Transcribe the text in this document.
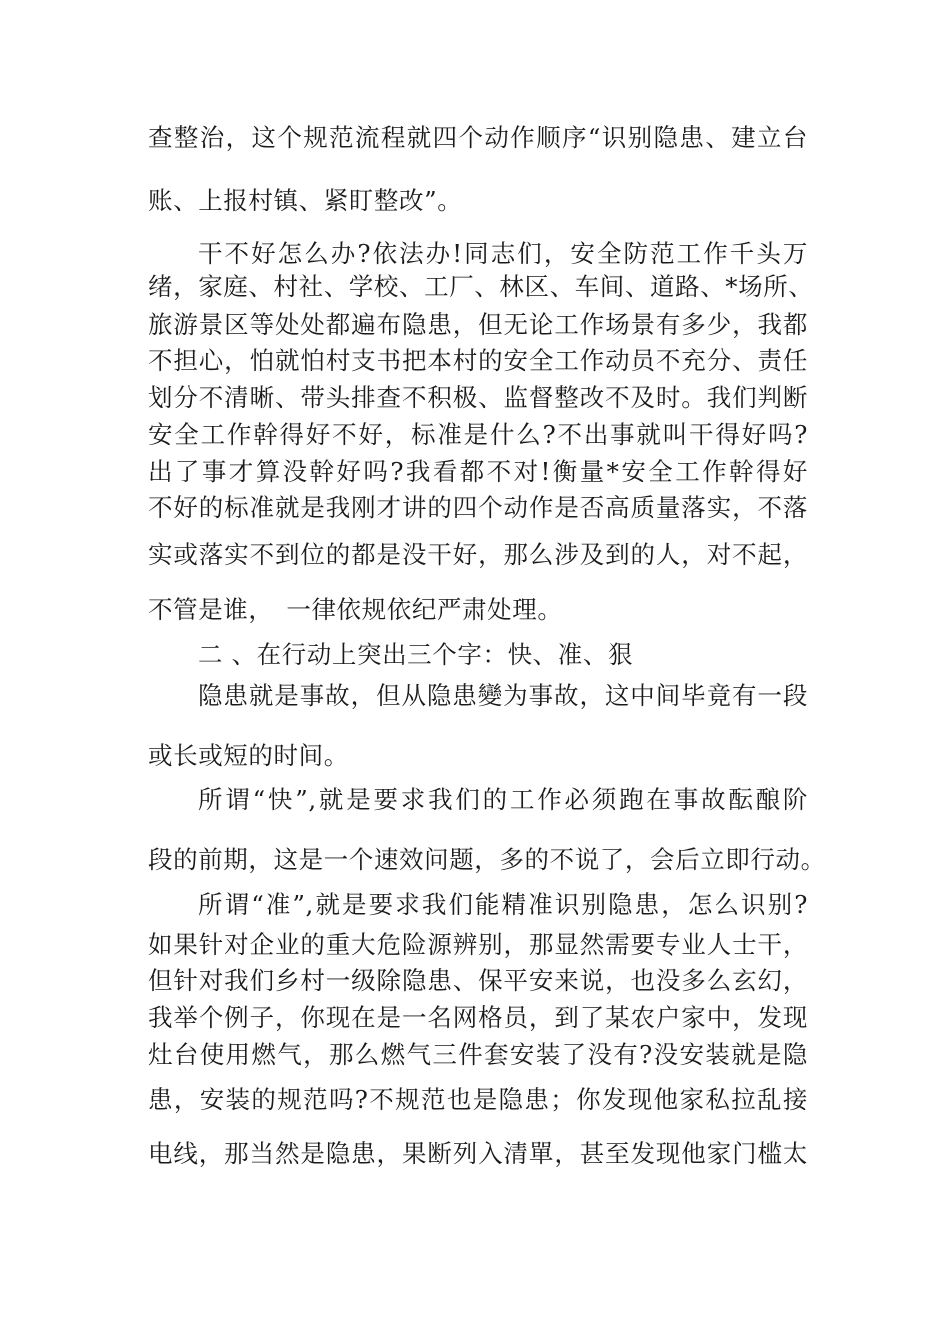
查整治，这个规范流程就四个动作顺序“识别隐患、建立台
账、上报村镇、紧盯整改”。
干不好怎么办?依法办!同志们，安全防范工作千头万
绪，家庭、村社、学校、工厂、林区、车间、道路、*场所、
旅游景区等处处都遍布隐患，但无论工作场景有多少，我都
不担心，怕就怕村支书把本村的安全工作动员不充分、责任
划分不清晰、带头排查不积极、监督整改不及时。我们判断
安全工作幹得好不好，标准是什么?不出事就叫干得好吗?
出了事才算没幹好吗?我看都不对!衡量*安全工作幹得好
不好的标准就是我刚才讲的四个动作是否高质量落实，不落
实或落实不到位的都是没干好，那么涉及到的人，对不起，
不管是谁，　一律依规依纪严肃处理。
二 、在行动上突出三个字：快、准、狠
隐患就是事故，但从隐患變为事故，这中间毕竟有一段
或长或短的时间。
所谓“快”,就是要求我们的工作必须跑在事故酝酿阶
段的前期，这是一个速效问题，多的不说了，会后立即行动。
所谓“准”,就是要求我们能精准识别隐患，怎么识别?
如果针对企业的重大危险源辨别，那显然需要专业人士干，
但针对我们乡村一级除隐患、保平安来说，也没多么玄幻，
我举个例子，你现在是一名网格员，到了某农户家中，发现
灶台使用燃气，那么燃气三件套安装了没有?没安装就是隐
患，安装的规范吗?不规范也是隐患；你发现他家私拉乱接
电线，那当然是隐患，果断列入清單，甚至发现他家门槛太
